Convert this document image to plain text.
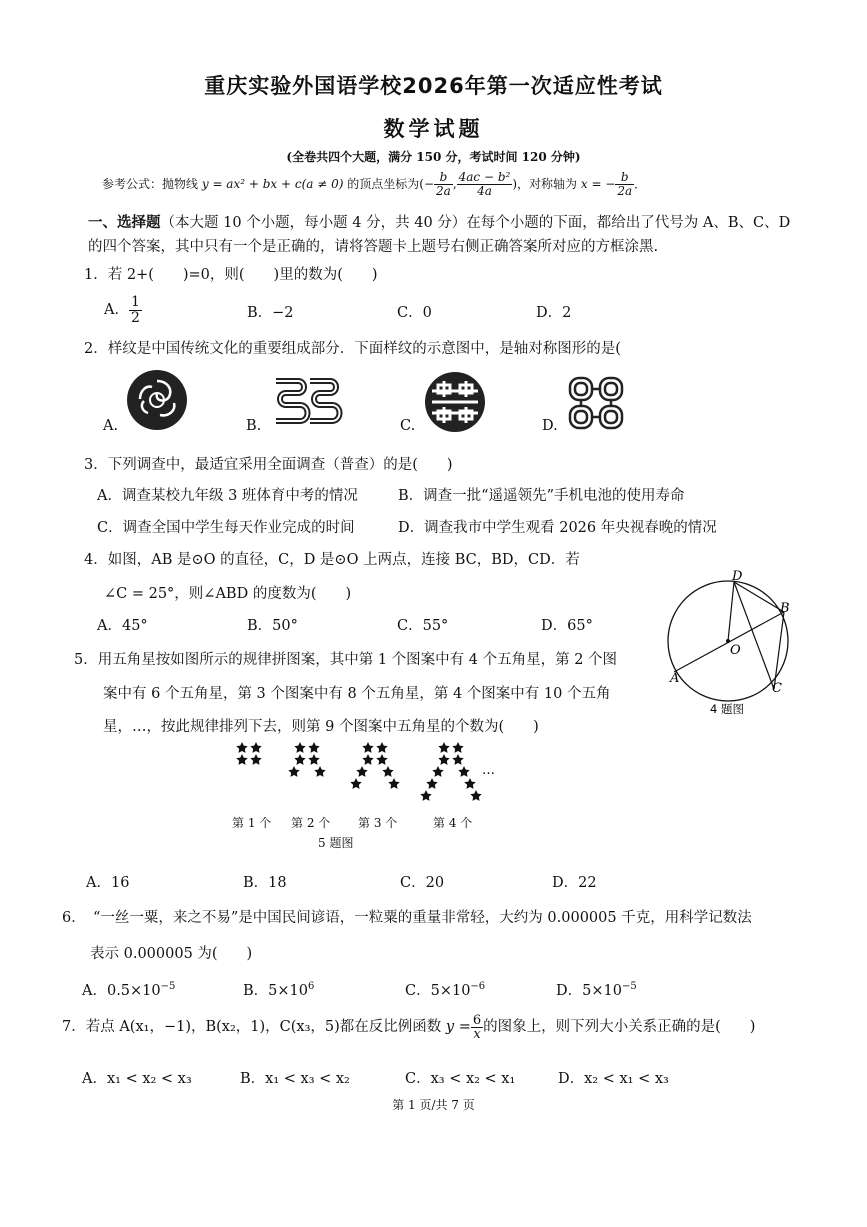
重庆实验外国语学校2026年第一次适应性考试
数学试题
(全卷共四个大题，满分 150 分，考试时间 120 分钟)
参考公式：抛物线 y = ax² + bx + c(a ≠ 0) 的顶点坐标为(− $\frac{b}{2a}$ , $\frac{\text{4ac − b²}}{4a}$ )，对称轴为 x = − $\frac{b}{2a}$ ．
一、选择题（本大题 10 个小题，每小题 4 分，共 40 分）在每个小题的下面，都给出了代号为 A、B、C、D
的四个答案，其中只有一个是正确的，请将答题卡上题号右侧正确答案所对应的方框涂黑.
1．若 2+(　　)=0，则(　　)里的数为(　　)
A． $\frac{1}{2}$	B．−2	C．0	D．2
2．样纹是中国传统文化的重要组成部分．下面样纹的示意图中，是轴对称图形的是(
A.	B.	C.	D.
3．下列调查中，最适宜采用全面调查（普查）的是(　　)
A．调查某校九年级 3 班体育中考的情况	B．调查一批“遥遥领先”手机电池的使用寿命
C．调查全国中学生每天作业完成的时间	D．调查我市中学生观看 2026 年央视春晚的情况
4．如图，AB 是⊙O 的直径，C，D 是⊙O 上两点，连接 BC，BD，CD．若
∠C = 25°，则∠ABD 的度数为(　　)
A．45°	B．50°	C．55°	D．65°
D
B
A
C
O
4 题图
5．用五角星按如图所示的规律拼图案，其中第 1 个图案中有 4 个五角星，第 2 个图
案中有 6 个五角星，第 3 个图案中有 8 个五角星，第 4 个图案中有 10 个五角
星，…，按此规律排列下去，则第 9 个图案中五角星的个数为(　　)
…
第 1 个 第 2 个 第 3 个	第 4 个
5 题图
A．16	B．18	C．20	D．22
6．　“一丝一粟，来之不易”是中国民间谚语，一粒粟的重量非常轻，大约为 0.000005 千克，用科学记数法
表示 0.000005 为(　　)
A．$0.5\times 10^{-5}$	B．$5\times 10^6$	C．$5\times 10^{-6}$	D．$5\times 10^{-5}$
7．若点 A(x₁，−1)，B(x₂，1)，C(x₃，5)都在反比例函数 $y = \frac{6}{x}$ 的图象上，则下列大小关系正确的是(　　)
A．x₁ < x₂ < x₃	B．x₁ < x₃ < x₂	C．x₃ < x₂ < x₁	D．x₂ < x₁ < x₃
第 1 页/共 7 页
